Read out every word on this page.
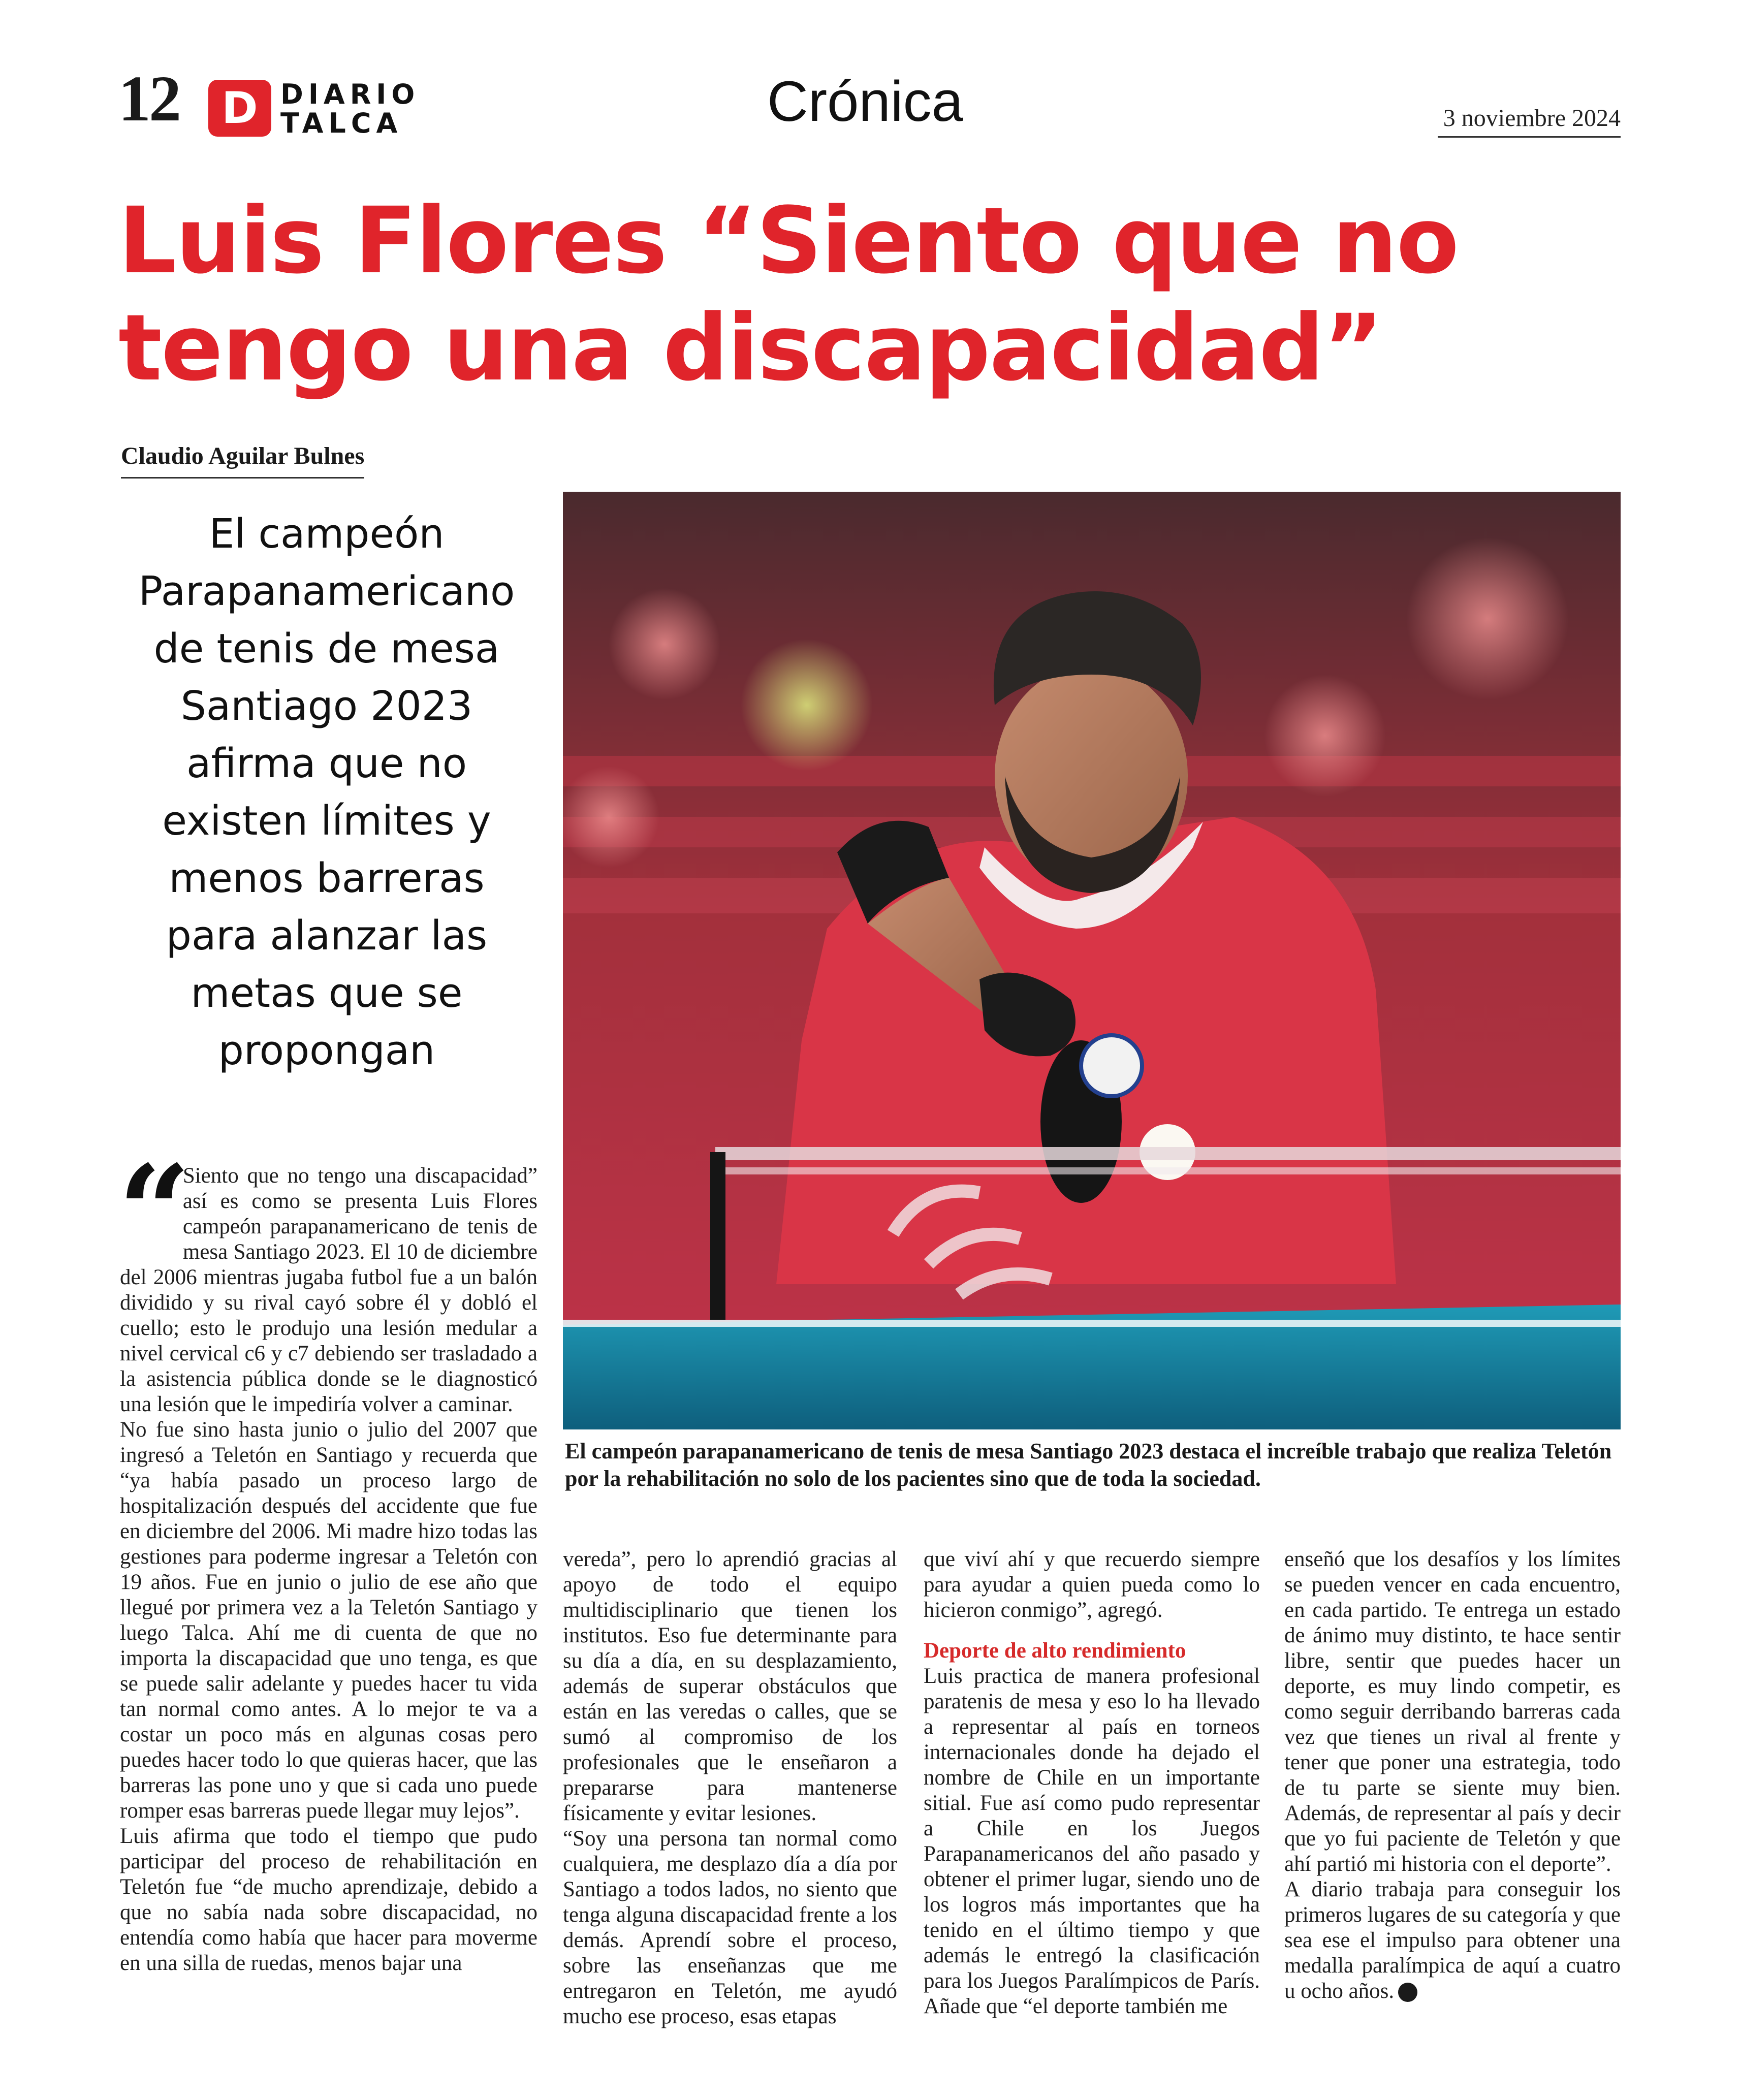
12 D DIARIO
TALCA	Crónica	3 noviembre 2024
Luis Flores “Siento que no tengo una discapacidad”
Claudio Aguilar Bulnes
El campeón Parapanamericano de tenis de mesa Santiago 2023 afirma que no existen límites y menos barreras para alanzar las metas que se propongan
El campeón parapanamericano de tenis de mesa Santiago 2023 destaca el increíble trabajo que realiza Teletón por la rehabilitación no solo de los pacientes sino que de toda la sociedad.
“ Siento que no tengo una discapacidad” así es como se presenta Luis Flores campeón parapanamericano de tenis de mesa Santiago 2023. El 10 de diciembre del 2006 mientras jugaba futbol fue a un balón dividido y su rival cayó sobre él y dobló el cuello; esto le produjo una lesión medular a nivel cervical c6 y c7 debiendo ser trasladado a la asistencia pública donde se le diagnosticó una lesión que le impediría volver a caminar.

No fue sino hasta junio o julio del 2007 que ingresó a Teletón en Santiago y recuerda que “ya había pasado un proceso largo de hospitalización después del accidente que fue en diciembre del 2006. Mi madre hizo todas las gestiones para poderme ingresar a Teletón con 19 años. Fue en junio o julio de ese año que llegué por primera vez a la Teletón Santiago y luego Talca. Ahí me di cuenta de que no importa la discapacidad que uno tenga, es que se puede salir adelante y puedes hacer tu vida tan normal como antes. A lo mejor te va a costar un poco más en algunas cosas pero puedes hacer todo lo que quieras hacer, que las barreras las pone uno y que si cada uno puede romper esas barreras puede llegar muy lejos”.

Luis afirma que todo el tiempo que pudo participar del proceso de rehabilitación en Teletón fue “de mucho aprendizaje, debido a que no sabía nada sobre discapacidad, no entendía como había que hacer para moverme en una silla de ruedas, menos bajar una

vereda”, pero lo aprendió gracias al apoyo de todo el equipo multidisciplinario que tienen los institutos. Eso fue determinante para su día a día, en su desplazamiento, además de superar obstáculos que están en las veredas o calles, que se sumó al compromiso de los profesionales que le enseñaron a prepararse para mantenerse físicamente y evitar lesiones.

“Soy una persona tan normal como cualquiera, me desplazo día a día por Santiago a todos lados, no siento que tenga alguna discapacidad frente a los demás. Aprendí sobre el proceso, sobre las enseñanzas que me entregaron en Teletón, me ayudó mucho ese proceso, esas etapas

que viví ahí y que recuerdo siempre para ayudar a quien pueda como lo hicieron conmigo”, agregó.

Deporte de alto rendimiento

Luis practica de manera profesional paratenis de mesa y eso lo ha llevado a representar al país en torneos internacionales donde ha dejado el nombre de Chile en un importante sitial. Fue así como pudo representar a Chile en los Juegos Parapanamericanos del año pasado y obtener el primer lugar, siendo uno de los logros más importantes que ha tenido en el último tiempo y que además le entregó la clasificación para los Juegos Paralímpicos de París. Añade que “el deporte también me

enseñó que los desafíos y los límites se pueden vencer en cada encuentro, en cada partido. Te entrega un estado de ánimo muy distinto, te hace sentir libre, sentir que puedes hacer un deporte, es muy lindo competir, es como seguir derribando barreras cada vez que tienes un rival al frente y tener que poner una estrategia, todo de tu parte se siente muy bien. Además, de representar al país y decir que yo fui paciente de Teletón y que ahí partió mi historia con el deporte”.

A diario trabaja para conseguir los primeros lugares de su categoría y que sea ese el impulso para obtener una medalla paralímpica de aquí a cuatro u ocho años.
